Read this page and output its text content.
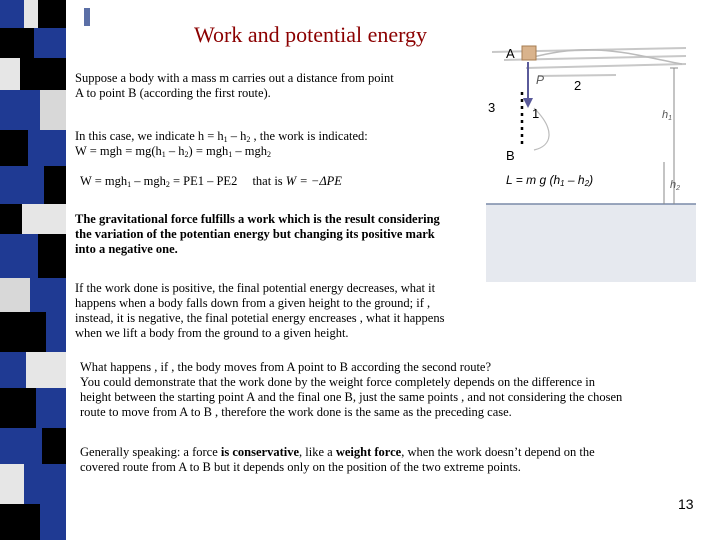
Work and potential energy
Suppose a body with a mass m carries out a distance from point
A to point B (according the first route).
In this case, we indicate $h = h_1 - h_2$ , the work is indicated:
W = mgh = $mg(h_1 - h_2) = mgh_1 - mgh_2$
W = mgh$_1$ – mgh$_2$ = PE1 – PE2 that is W = −ΔPE
The gravitational force fulfills a work which is the result considering
the variation of the potentian energy but changing its positive mark
into a negative one.
If the work done is positive, the final potential energy decreases, what it
happens when a body falls down from a given height to the ground; if ,
instead, it is negative, the final potetial energy encreases , what it happens
when we lift a body from the ground to a given height.
What happens , if , the body moves from A point to B according the second route?
You could demonstrate that the work done by the weight force completely depends on the difference in
height between the starting point A and the final one B, just the same points , and not considering the chosen
route to move from A to B , therefore the work done is the same as the preceding case.
Generally speaking: a force is conservative, like a weight force, when the work doesn’t depend on the
covered route from A to B but it depends only on the position of the two extreme points.
A
P 2
3	1
B
h1
h2
L = m g (h1 – h2)
13
